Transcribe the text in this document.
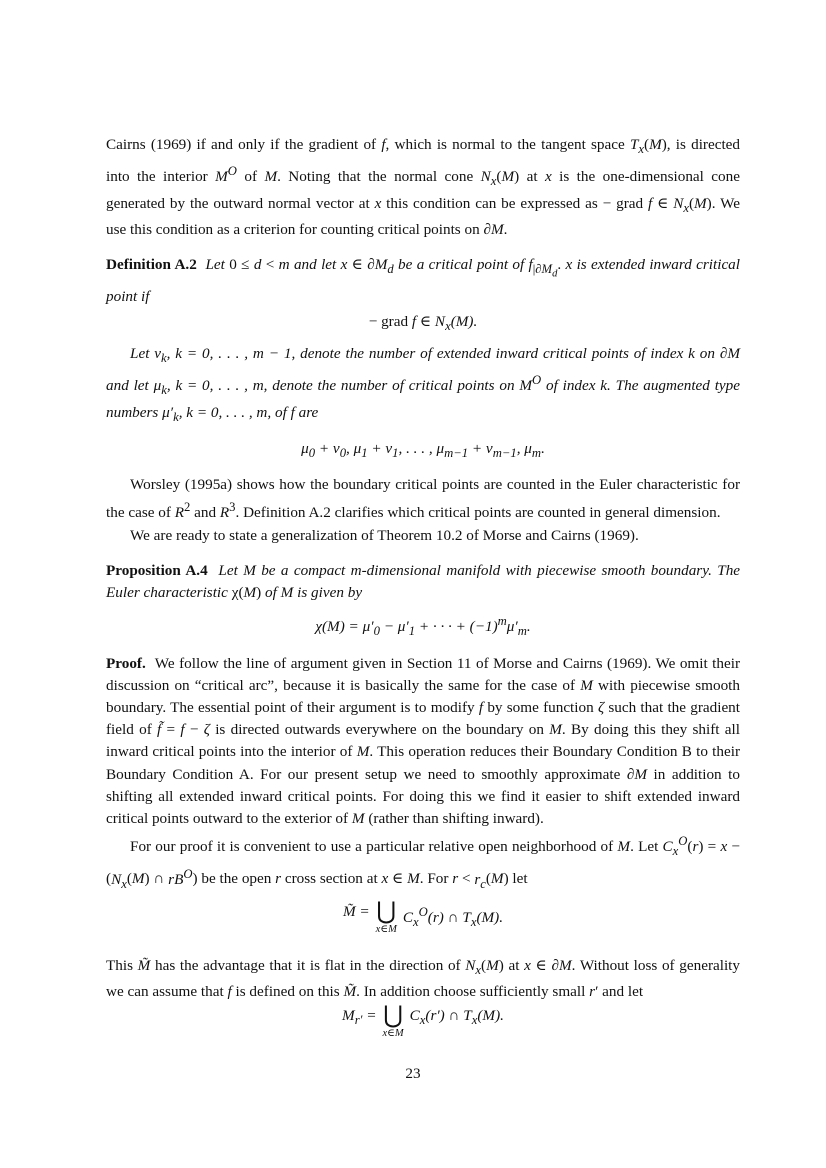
Cairns (1969) if and only if the gradient of f, which is normal to the tangent space $T_x(M)$, is directed into the interior $M^O$ of M. Noting that the normal cone $N_x(M)$ at x is the one-dimensional cone generated by the outward normal vector at x this condition can be expressed as − grad f ∈ $N_x(M)$. We use this condition as a criterion for counting critical points on ∂M.

Definition A.2 Let 0 ≤ d < m and let x ∈ $\partial M_d$ be a critical point of $f_{|\partial M_d}$. x is extended inward critical point if

− grad f ∈ $N_x(M)$.

Let $\nu_k$, k = 0, . . . , m − 1, denote the number of extended inward critical points of index k on ∂M and let $\mu_k$, k = 0, . . . , m, denote the number of critical points on $M^O$ of index k. The augmented type numbers $\mu'_k$, k = 0, . . . , m, of f are

$\mu_0 + \nu_0$, $\mu_1 + \nu_1$, . . . , $\mu_{m-1} + \nu_{m-1}$, $\mu_m$.

Worsley (1995a) shows how the boundary critical points are counted in the Euler characteristic for the case of $R^2$ and $R^3$. Definition A.2 clarifies which critical points are counted in general dimension.

We are ready to state a generalization of Theorem 10.2 of Morse and Cairns (1969).

Proposition A.4 Let M be a compact m-dimensional manifold with piecewise smooth boundary. The Euler characteristic χ(M) of M is given by

$\chi(M) = \mu'_0 - \mu'_1$ + · · · + $(-1)^m\mu'_m$.

Proof.  We follow the line of argument given in Section 11 of Morse and Cairns (1969). We omit their discussion on “critical arc”, because it is basically the same for the case of M with piecewise smooth boundary. The essential point of their argument is to modify f by some function ζ such that the gradient field of f̃ = f − ζ is directed outwards everywhere on the boundary on M. By doing this they shift all inward critical points into the interior of M. This operation reduces their Boundary Condition B to their Boundary Condition A. For our present setup we need to smoothly approximate ∂M in addition to shifting all extended inward critical points. For doing this we find it easier to shift extended inward critical points outward to the exterior of M (rather than shifting inward).

For our proof it is convenient to use a particular relative open neighborhood of M. Let $C_x^O(r) = x - (N_x(M)$ ∩ $rB^O$) be the open r cross section at x ∈ M. For $r < r_c(M)$ let

M̃ = ⋃
x∈M
$C_x^O(r)$ ∩ $T_x(M)$.

This M̃ has the advantage that it is flat in the direction of $N_x(M)$ at x ∈ ∂M. Without loss of generality we can assume that f is defined on this M̃. In addition choose sufficiently small r′ and let

$M_{r'}$ = ⋃
x∈M
$C_x(r')$ ∩ $T_x(M)$.
23
